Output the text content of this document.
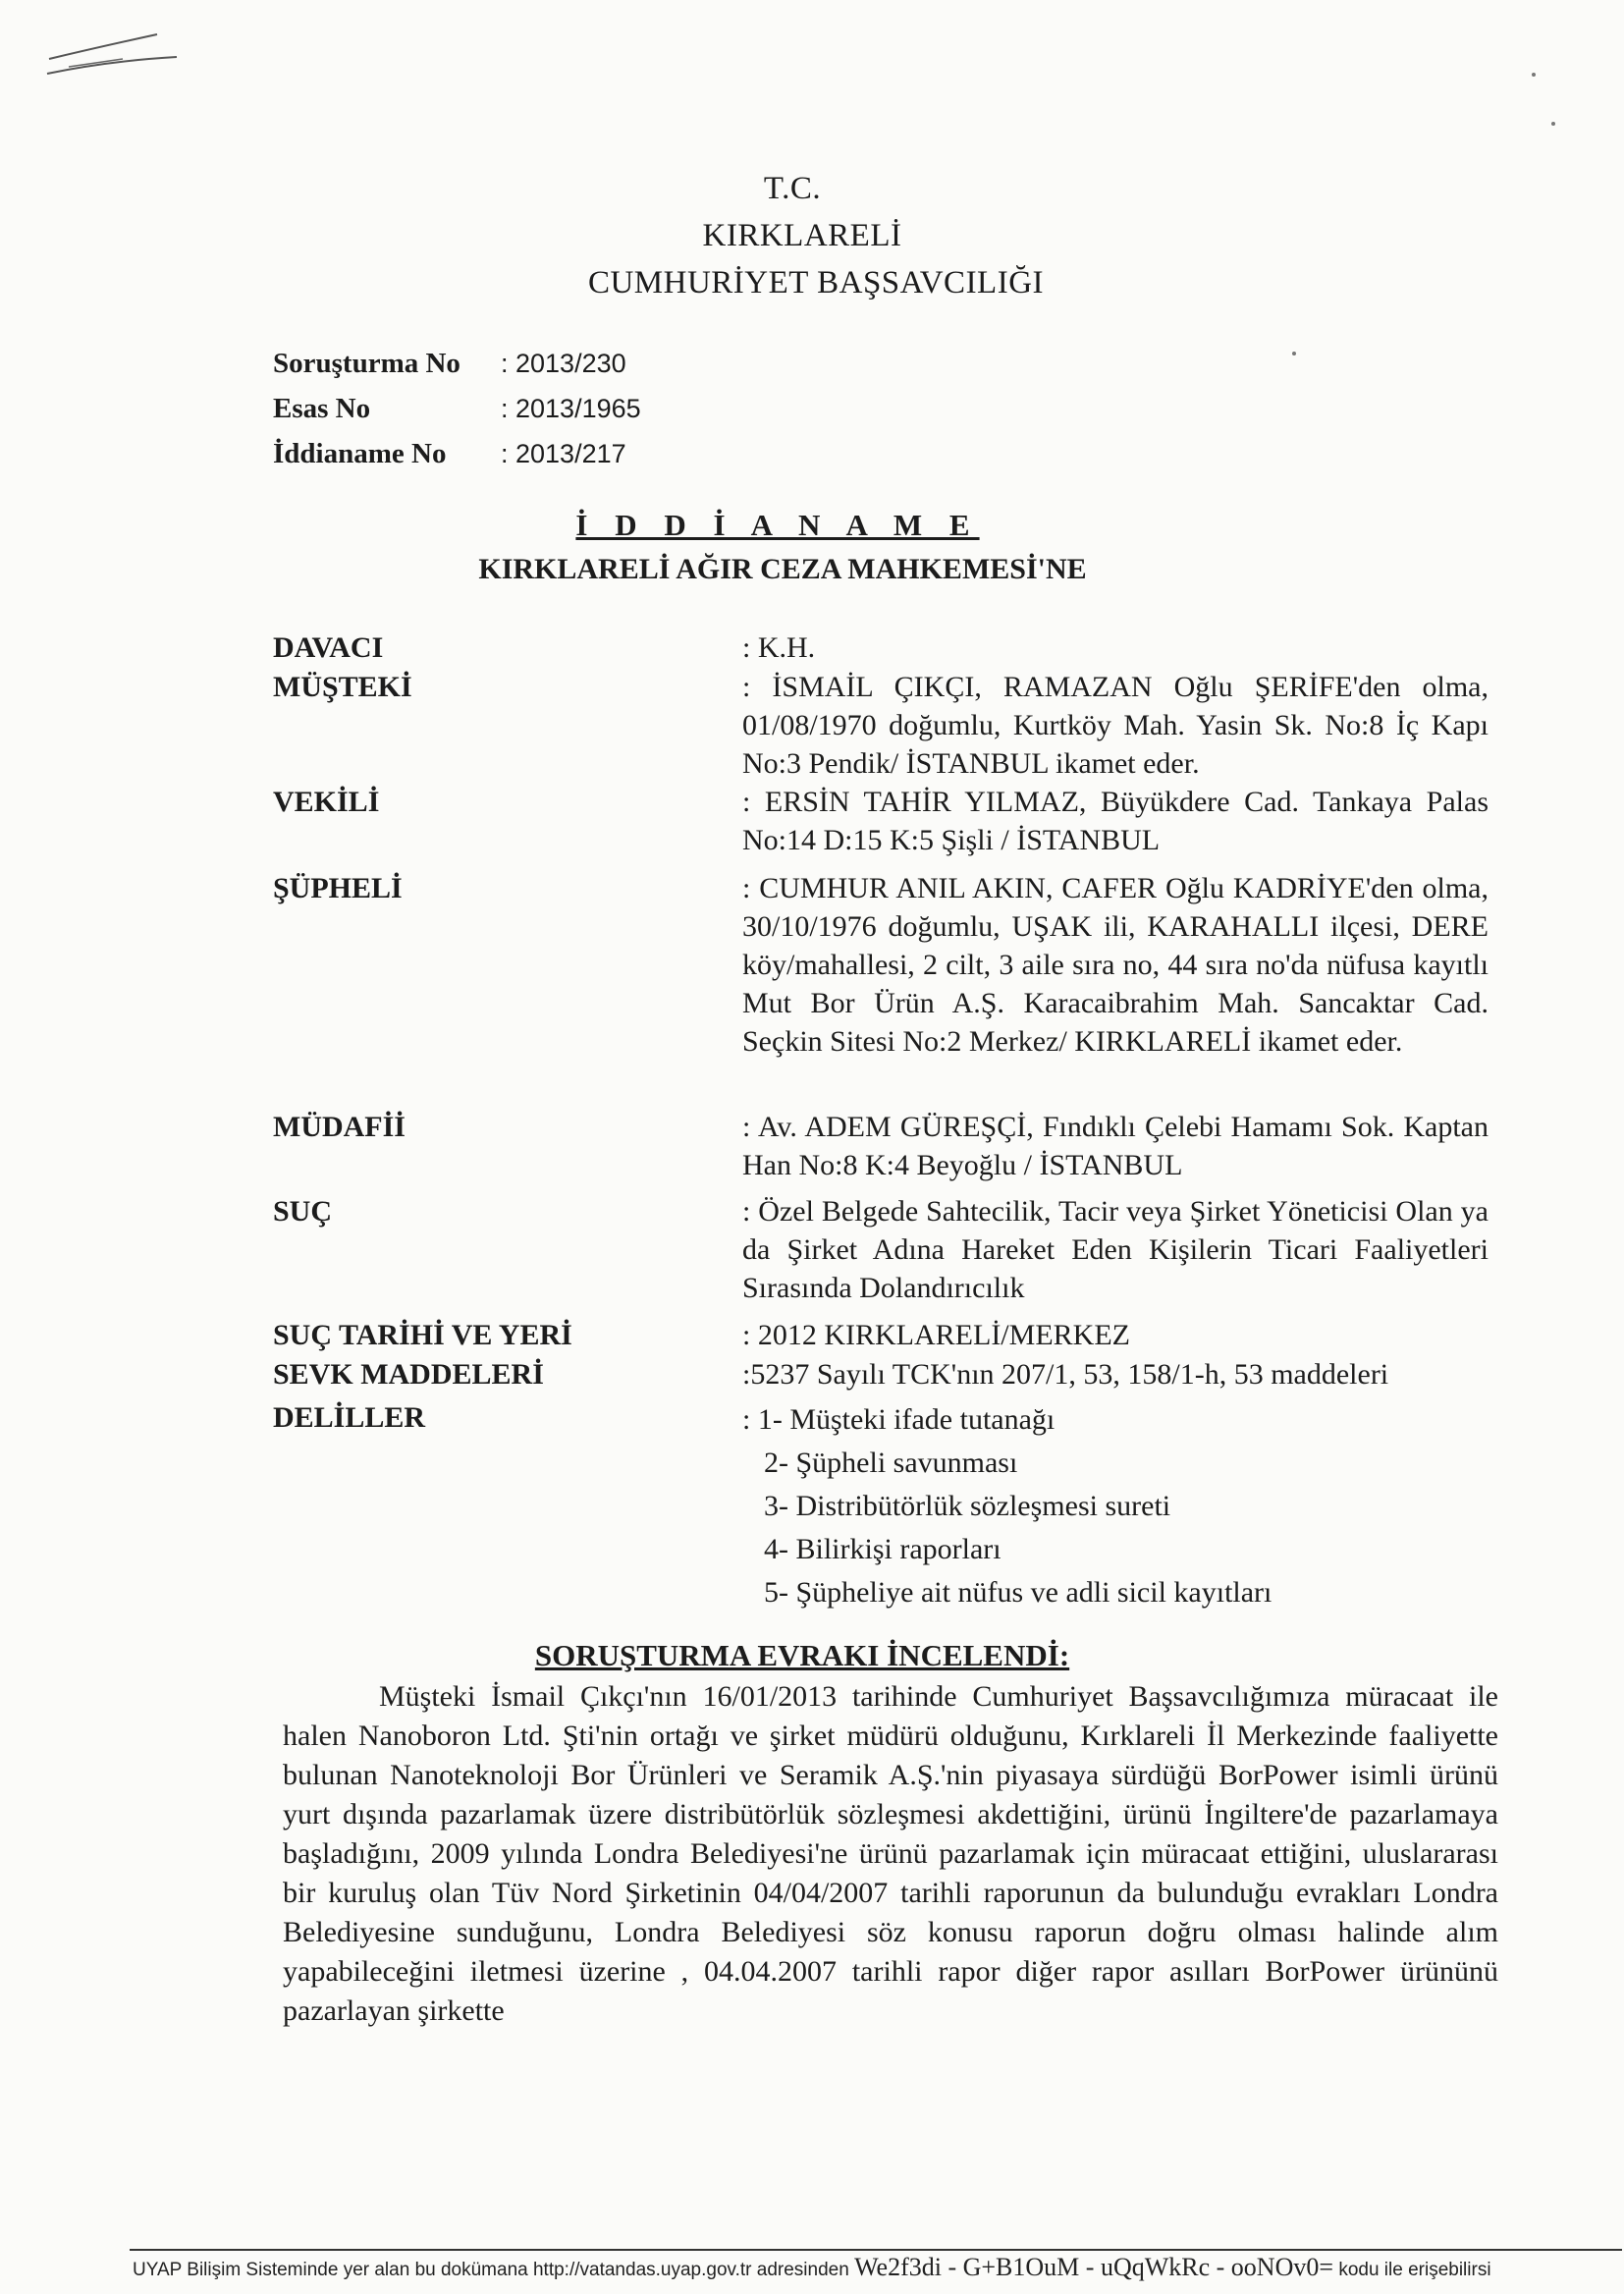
T.C.
KIRKLARELİ
CUMHURİYET BAŞSAVCILIĞI
Soruşturma No	: 2013/230
Esas No	: 2013/1965
İddianame No	: 2013/217
İ D D İ A N A M E
KIRKLARELİ AĞIR CEZA MAHKEMESİ'NE
DAVACI	: K.H.
MÜŞTEKİ	: İSMAİL ÇIKÇI, RAMAZAN Oğlu ŞERİFE'den olma, 01/08/1970 doğumlu, Kurtköy Mah. Yasin Sk. No:8 İç Kapı No:3 Pendik/ İSTANBUL ikamet eder.
VEKİLİ	: ERSİN TAHİR YILMAZ, Büyükdere Cad. Tankaya Palas No:14 D:15 K:5 Şişli / İSTANBUL
ŞÜPHELİ	: CUMHUR ANIL AKIN, CAFER Oğlu KADRİYE'den olma, 30/10/1976 doğumlu, UŞAK ili, KARAHALLI ilçesi, DERE köy/mahallesi, 2 cilt, 3 aile sıra no, 44 sıra no'da nüfusa kayıtlı Mut Bor Ürün A.Ş. Karacaibrahim Mah. Sancaktar Cad. Seçkin Sitesi No:2 Merkez/ KIRKLARELİ ikamet eder.
MÜDAFİİ	: Av. ADEM GÜREŞÇİ, Fındıklı Çelebi Hamamı Sok. Kaptan Han No:8 K:4 Beyoğlu / İSTANBUL
SUÇ	: Özel Belgede Sahtecilik, Tacir veya Şirket Yöneticisi Olan ya da Şirket Adına Hareket Eden Kişilerin Ticari Faaliyetleri Sırasında Dolandırıcılık
SUÇ TARİHİ VE YERİ	: 2012 KIRKLARELİ/MERKEZ
SEVK MADDELERİ	:5237 Sayılı TCK'nın 207/1, 53, 158/1-h, 53 maddeleri
DELİLLER	: 1- Müşteki ifade tutanağı
2- Şüpheli savunması
3- Distribütörlük sözleşmesi sureti
4- Bilirkişi raporları
5- Şüpheliye ait nüfus ve adli sicil kayıtları
SORUŞTURMA EVRAKI İNCELENDİ:
Müşteki İsmail Çıkçı'nın 16/01/2013 tarihinde Cumhuriyet Başsavcılığımıza müracaat ile halen Nanoboron Ltd. Şti'nin ortağı ve şirket müdürü olduğunu, Kırklareli İl Merkezinde faaliyette bulunan Nanoteknoloji Bor Ürünleri ve Seramik A.Ş.'nin piyasaya sürdüğü BorPower isimli ürünü yurt dışında pazarlamak üzere distribütörlük sözleşmesi akdettiğini, ürünü İngiltere'de pazarlamaya başladığını, 2009 yılında Londra Belediyesi'ne ürünü pazarlamak için müracaat ettiğini, uluslararası bir kuruluş olan Tüv Nord Şirketinin 04/04/2007 tarihli raporunun da bulunduğu evrakları Londra Belediyesine sunduğunu, Londra Belediyesi söz konusu raporun doğru olması halinde alım yapabileceğini iletmesi üzerine , 04.04.2007 tarihli rapor diğer rapor asılları BorPower ürününü pazarlayan şirkette
UYAP Bilişim Sisteminde yer alan bu dokümana http://vatandas.uyap.gov.tr adresinden We2f3di - G+B1OuM - uQqWkRc - ooNOv0= kodu ile erişebilirsi
